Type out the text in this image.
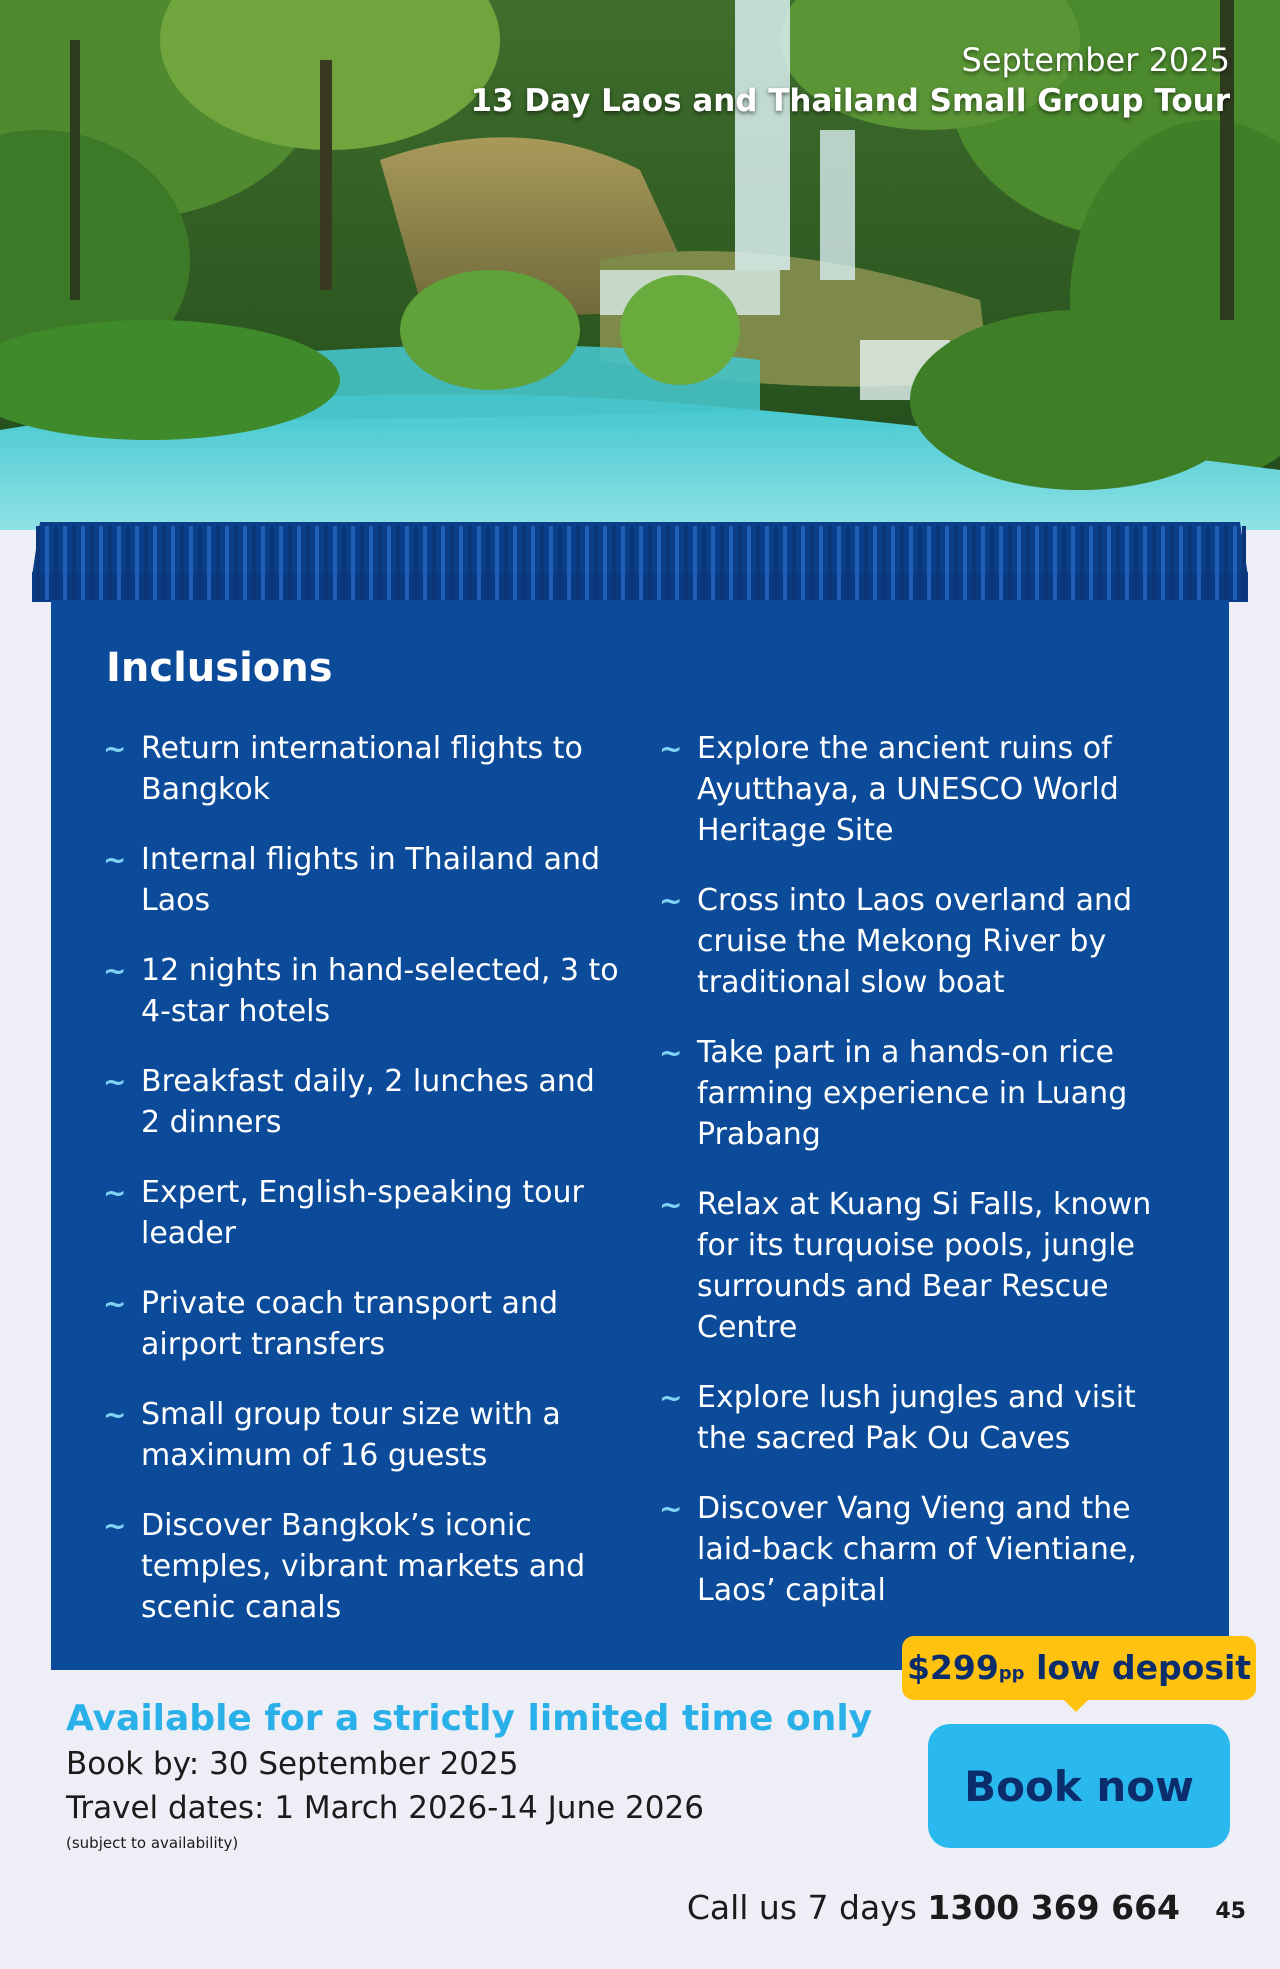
September 2025
13 Day Laos and Thailand Small Group Tour
Inclusions
~ Return international flights to Bangkok
~ Internal flights in Thailand and Laos
~ 12 nights in hand-selected, 3 to 4-star hotels
~ Breakfast daily, 2 lunches and 2 dinners
~ Expert, English-speaking tour leader
~ Private coach transport and airport transfers
~ Small group tour size with a maximum of 16 guests
~ Discover Bangkok’s iconic temples, vibrant markets and scenic canals
~ Explore the ancient ruins of Ayutthaya, a UNESCO World Heritage Site
~ Cross into Laos overland and cruise the Mekong River by traditional slow boat
~ Take part in a hands-on rice farming experience in Luang Prabang
~ Relax at Kuang Si Falls, known for its turquoise pools, jungle surrounds and Bear Rescue Centre
~ Explore lush jungles and visit the sacred Pak Ou Caves
~ Discover Vang Vieng and the laid-back charm of Vientiane, Laos’ capital
$299pp low deposit
Available for a strictly limited time only
Book by: 30 September 2025
Travel dates: 1 March 2026-14 June 2026
(subject to availability)
Book now
Call us 7 days 1300 369 664 45
